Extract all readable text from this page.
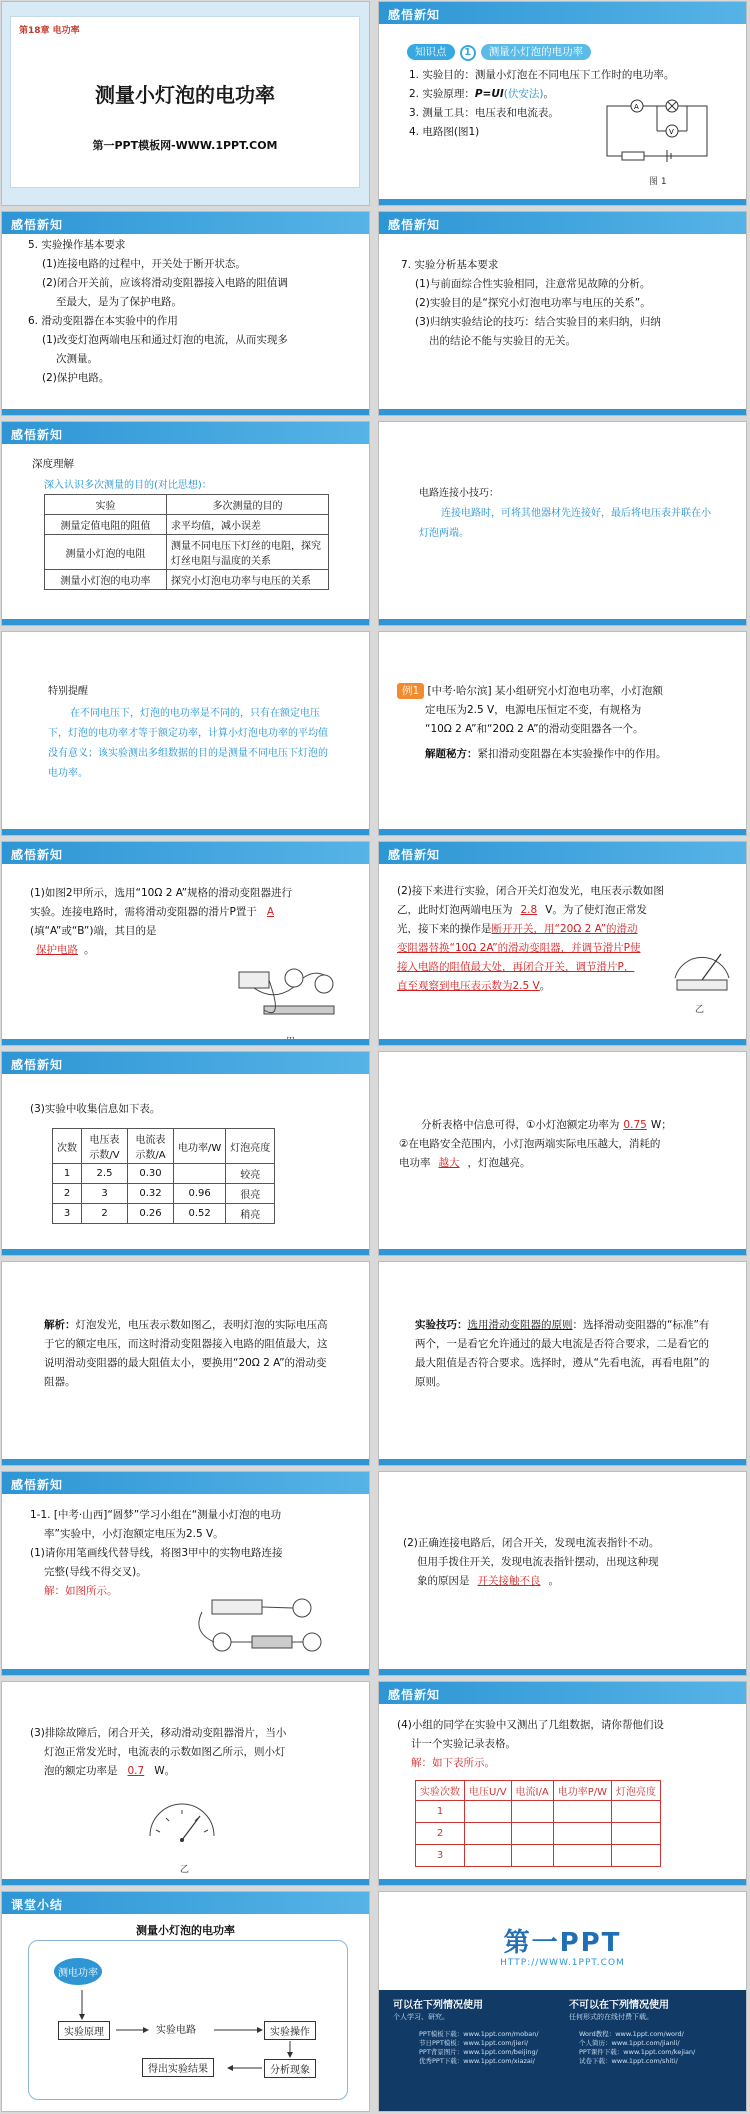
第18章 电功率
测量小灯泡的电功率
第一PPT模板网-WWW.1PPT.COM
感悟新知
知识点 1 测量小灯泡的电功率

1. 实验目的：测量小灯泡在不同电压下工作时的电功率。

2. 实验原理：P=UI(伏安法)。

3. 测量工具：电压表和电流表。

4. 电路图(图1)

A
V
图 1
感悟新知

5. 实验操作基本要求

(1)连接电路的过程中，开关处于断开状态。

(2)闭合开关前，应该将滑动变阻器接入电路的阻值调

至最大，是为了保护电路。

6. 滑动变阻器在本实验中的作用

(1)改变灯泡两端电压和通过灯泡的电流，从而实现多

次测量。

(2)保护电路。

感悟新知

7. 实验分析基本要求

(1)与前面综合性实验相同，注意常见故障的分析。

(2)实验目的是“探究小灯泡电功率与电压的关系”。

(3)归纳实验结论的技巧：结合实验目的来归纳，归纳

出的结论不能与实验目的无关。

感悟新知
深度理解
深入认识多次测量的目的(对比思想)：
实验	多次测量的目的
测量定值电阻的阻值	求平均值，减小误差
测量小灯泡的电阻	测量不同电压下灯丝的电阻，探究灯丝电阻与温度的关系
测量小灯泡的电功率	探究小灯泡电功率与电压的关系
电路连接小技巧：
连接电路时，可将其他器材先连接好，最后将电压表并联在小灯泡两端。
特别提醒
在不同电压下，灯泡的电功率是不同的，只有在额定电压下，灯泡的电功率才等于额定功率，计算小灯泡电功率的平均值没有意义；该实验测出多组数据的目的是测量不同电压下灯泡的电功率。

例1 [中考·哈尔滨] 某小组研究小灯泡电功率，小灯泡额

定电压为2.5 V，电源电压恒定不变，有规格为

“10Ω 2 A”和“20Ω 2 A”的滑动变阻器各一个。

解题秘方：紧扣滑动变阻器在本实验操作中的作用。

感悟新知

(1)如图2甲所示，选用“10Ω 2 A”规格的滑动变阻器进行

实验。连接电路时，需将滑动变阻器的滑片P置于 A

(填“A”或“B”)端，其目的是

保护电路 。

感悟新知

(2)接下来进行实验，闭合开关灯泡发光，电压表示数如图

乙，此时灯泡两端电压为 2.8 V。为了使灯泡正常发

光，接下来的操作是断开开关，用“20Ω 2 A”的滑动变阻器替换“10Ω 2A”的滑动变阻器，并调节滑片P使接入电路的阻值最大处，再闭合开关，调节滑片P，直至观察到电压表示数为2.5 V。

乙
感悟新知
(3)实验中收集信息如下表。
次数	电压表示数/V	电流表示数/A	电功率/W	灯泡亮度
1	2.5	0.30		较亮
2	3	0.32	0.96	很亮
3	2	0.26	0.52	稍亮

分析表格中信息可得，①小灯泡额定功率为 0.75 W；

②在电路安全范围内，小灯泡两端实际电压越大，消耗的

电功率 越大 ，灯泡越亮。

解析：灯泡发光，电压表示数如图乙，表明灯泡的实际电压高于它的额定电压，而这时滑动变阻器接入电路的阻值最大，这说明滑动变阻器的最大阻值太小，要换用“20Ω 2 A”的滑动变阻器。

实验技巧：选用滑动变阻器的原则：选择滑动变阻器的“标准”有两个，一是看它允许通过的最大电流是否符合要求，二是看它的最大阻值是否符合要求。选择时，遵从“先看电流，再看电阻”的原则。

感悟新知

1-1. [中考·山西]“圆梦”学习小组在“测量小灯泡的电功

率”实验中，小灯泡额定电压为2.5 V。

(1)请你用笔画线代替导线，将图3甲中的实物电路连接

完整(导线不得交叉)。

解：如图所示。

(2)正确连接电路后，闭合开关，发现电流表指针不动。

但用手拨住开关，发现电流表指针摆动，出现这种现

象的原因是 开关接触不良 。

(3)排除故障后，闭合开关，移动滑动变阻器滑片，当小

灯泡正常发光时，电流表的示数如图乙所示，则小灯

泡的额定功率是 0.7 W。

乙
感悟新知

(4)小组的同学在实验中又测出了几组数据，请你帮他们设

计一个实验记录表格。

解：如下表所示。

实验次数	电压U/V	电流I/A	电功率P/W	灯泡亮度
1				
2				
3				
课堂小结
测量小灯泡的电功率
测电功率
实验原理	实验电路	实验操作
得出实验结果	分析现象
第一PPT
HTTP://WWW.1PPT.COM
可以在下列情况使用	不可以在下列情况使用
个人学习、研究。	任何形式的在线付费下载。
PPT模板下载：www.1ppt.com/moban/
节日PPT模板：www.1ppt.com/jieri/
PPT背景图片：www.1ppt.com/beijing/
优秀PPT下载：www.1ppt.com/xiazai/
Word教程：www.1ppt.com/word/
个人简历：www.1ppt.com/jianli/
PPT课件下载：www.1ppt.com/kejian/
试卷下载：www.1ppt.com/shiti/
